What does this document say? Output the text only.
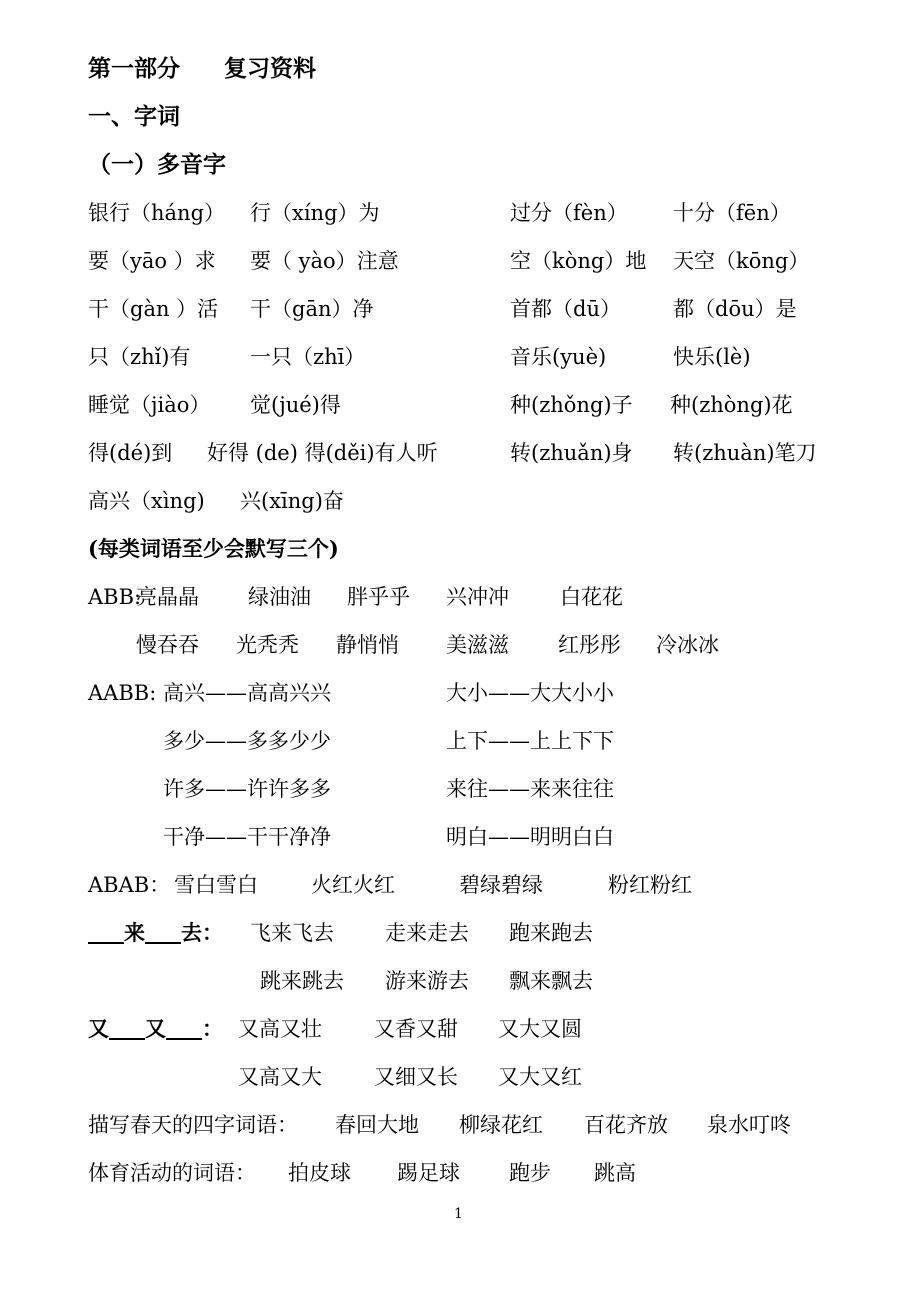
第一部分 复习资料
一、字词
（一）多音字
银行（háng） 行（xíng）为	过分（fèn） 十分（fēn）
要（yāo ）求 要（ yào）注意	空（kòng）地 天空（kōng）
干（gàn ）活 干（gān）净	首都（dū） 都（dōu）是
只（zhǐ)有	一只（zhī）	音乐(yuè)	快乐(lè)
睡觉（jiào） 觉(jué)得	种(zhǒng)子 种(zhòng)花
得(dé)到 好得 (de) 得(děi)有人听	转(zhuǎn)身 转(zhuàn)笔刀
高兴（xìng) 兴(xīng)奋
(每类词语至少会默写三个)
ABB:
亮晶晶 绿油油 胖乎乎 兴冲冲 白花花
慢吞吞 光秃秃 静悄悄 美滋滋 红彤彤 冷冰冰
AABB: 高兴——高高兴兴	大小——大大小小
多少——多多少少	上下——上上下下
许多——许许多多	来往——来来往往
干净——干干净净	明白——明明白白
ABAB： 雪白雪白	火红火红	碧绿碧绿	粉红粉红
来 去： 飞来飞去 走来走去 跑来跑去
跳来跳去 游来游去 飘来飘去
又 又 ： 又高又壮 又香又甜 又大又圆
又高又大 又细又长 又大又红
描写春天的四字词语： 春回大地 柳绿花红 百花齐放 泉水叮咚
体育活动的词语： 拍皮球 踢足球 跑步 跳高
1
